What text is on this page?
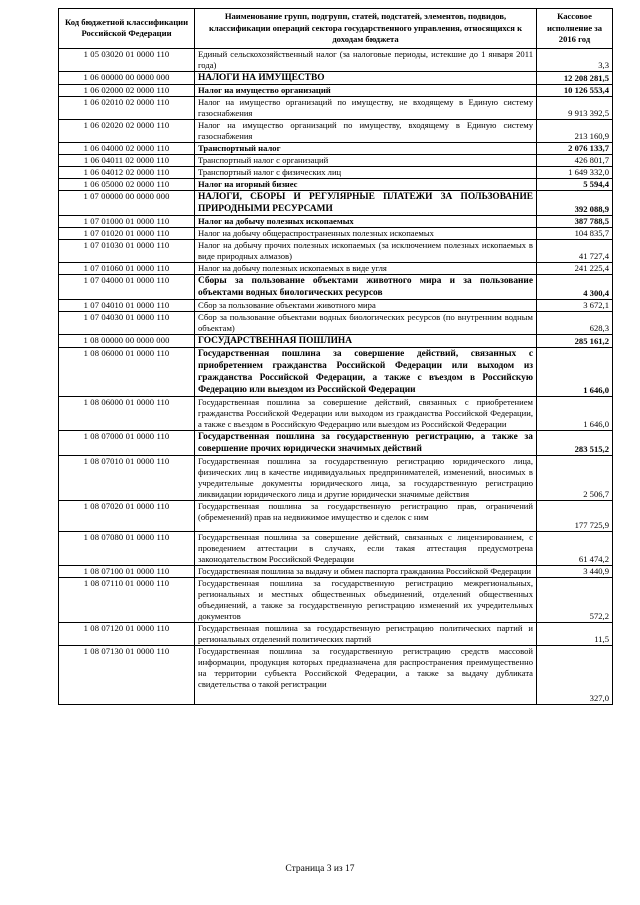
Код бюджетной классификации Российской Федерации	Наименование групп, подгрупп, статей, подстатей, элементов, подвидов, классификации операций сектора государственного управления, относящихся к доходам бюджета	Кассовое исполнение за 2016 год
1 05 03020 01 0000 110	Единый сельскохозяйственный налог (за налоговые периоды, истекшие до 1 января 2011 года)	3,3
1 06 00000 00 0000 000	НАЛОГИ НА ИМУЩЕСТВО	12 208 281,5
1 06 02000 02 0000 110	Налог на имущество организаций	10 126 553,4
1 06 02010 02 0000 110	Налог на имущество организаций по имуществу, не входящему в Единую систему газоснабжения	9 913 392,5
1 06 02020 02 0000 110	Налог на имущество организаций по имуществу, входящему в Единую систему газоснабжения	213 160,9
1 06 04000 02 0000 110	Транспортный налог	2 076 133,7
1 06 04011 02 0000 110	Транспортный налог с организаций	426 801,7
1 06 04012 02 0000 110	Транспортный налог с физических лиц	1 649 332,0
1 06 05000 02 0000 110	Налог на игорный бизнес	5 594,4
1 07 00000 00 0000 000	НАЛОГИ, СБОРЫ И РЕГУЛЯРНЫЕ ПЛАТЕЖИ ЗА ПОЛЬЗОВАНИЕ ПРИРОДНЫМИ РЕСУРСАМИ	392 088,9
1 07 01000 01 0000 110	Налог на добычу полезных ископаемых	387 788,5
1 07 01020 01 0000 110	Налог на добычу общераспространенных полезных ископаемых	104 835,7
1 07 01030 01 0000 110	Налог на добычу прочих полезных ископаемых (за исключением полезных ископаемых в виде природных алмазов)	41 727,4
1 07 01060 01 0000 110	Налог на добычу полезных ископаемых в виде угля	241 225,4
1 07 04000 01 0000 110	Сборы за пользование объектами животного мира и за пользование объектами водных биологических ресурсов	4 300,4
1 07 04010 01 0000 110	Сбор за пользование объектами животного мира	3 672,1
1 07 04030 01 0000 110	Сбор за пользование объектами водных биологических ресурсов (по внутренним водным объектам)	628,3
1 08 00000 00 0000 000	ГОСУДАРСТВЕННАЯ ПОШЛИНА	285 161,2
1 08 06000 01 0000 110	Государственная пошлина за совершение действий, связанных с приобретением гражданства Российской Федерации или выходом из гражданства Российской Федерации, а также с въездом в Российскую Федерацию или выездом из Российской Федерации	1 646,0
1 08 06000 01 0000 110	Государственная пошлина за совершение действий, связанных с приобретением гражданства Российской Федерации или выходом из гражданства Российской Федерации, а также с въездом в Российскую Федерацию или выездом из Российской Федерации	1 646,0
1 08 07000 01 0000 110	Государственная пошлина за государственную регистрацию, а также за совершение прочих юридически значимых действий	283 515,2
1 08 07010 01 0000 110	Государственная пошлина за государственную регистрацию юридического лица, физических лиц в качестве индивидуальных предпринимателей, изменений, вносимых в учредительные документы юридического лица, за государственную регистрацию ликвидации юридического лица и другие юридически значимые действия	2 506,7
1 08 07020 01 0000 110	Государственная пошлина за государственную регистрацию прав, ограничений (обременений) прав на недвижимое имущество и сделок с ним	177 725,9
1 08 07080 01 0000 110	Государственная пошлина за совершение действий, связанных с лицензированием, с проведением аттестации в случаях, если такая аттестация предусмотрена законодательством Российской Федерации	61 474,2
1 08 07100 01 0000 110	Государственная пошлина за выдачу и обмен паспорта гражданина Российской Федерации	3 440,9
1 08 07110 01 0000 110	Государственная пошлина за государственную регистрацию межрегиональных, региональных и местных общественных объединений, отделений общественных объединений, а также за государственную регистрацию изменений их учредительных документов	572,2
1 08 07120 01 0000 110	Государственная пошлина за государственную регистрацию политических партий и региональных отделений политических партий	11,5
1 08 07130 01 0000 110	Государственная пошлина за государственную регистрацию средств массовой информации, продукция которых предназначена для распространения преимущественно на территории субъекта Российской Федерации, а также за выдачу дубликата свидетельства о такой регистрации	327,0
Страница 3 из 17
